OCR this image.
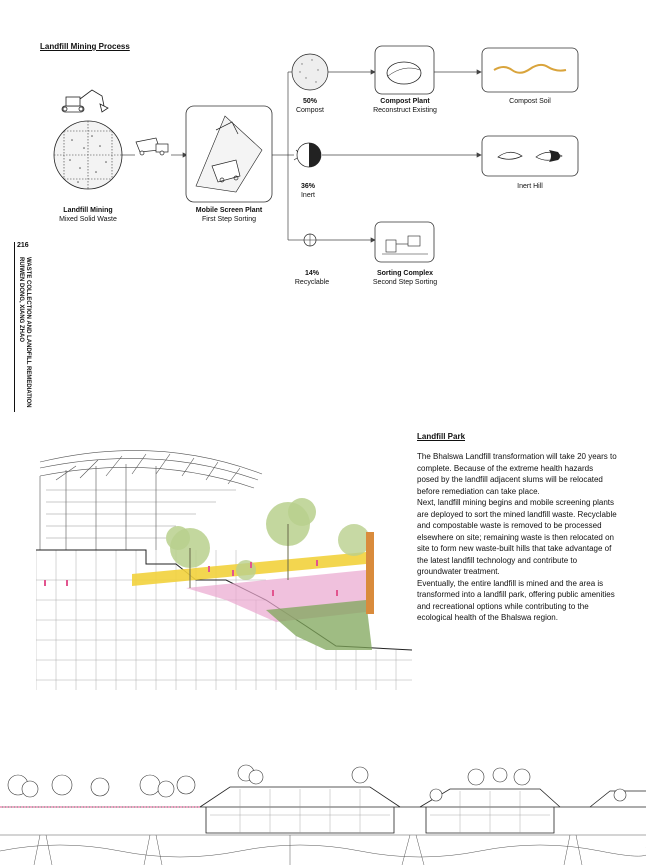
Landfill Mining Process
Landfill Mining
Mixed Solid Waste
Mobile Screen Plant
First Step Sorting
50%
Compost
36%
Inert
14%
Recyclable
Compost Plant
Reconstruct Existing
Compost Soil
Inert Hill
Sorting Complex
Second Step Sorting
216
WASTE COLLECTION AND LANDFILL REMEDIATION
RUIWEN DONG, XIANG ZHAO
Landfill Park

The Bhalswa Landfill transformation will take 20 years to complete. Because of the extreme health hazards posed by the landfill adjacent slums will be relocated before remediation can take place.

Next, landfill mining begins and mobile screening plants are deployed to sort the mined landfill waste. Recyclable and compostable waste is removed to be processed elsewhere on site; remaining waste is then relocated on site to form new waste-built hills that take advantage of the latest landfill technology and contribute to groundwater treatment.

Eventually, the entire landfill is mined and the area is transformed into a landfill park, offering public amenities and recreational options while contributing to the ecological health of the Bhalswa region.
